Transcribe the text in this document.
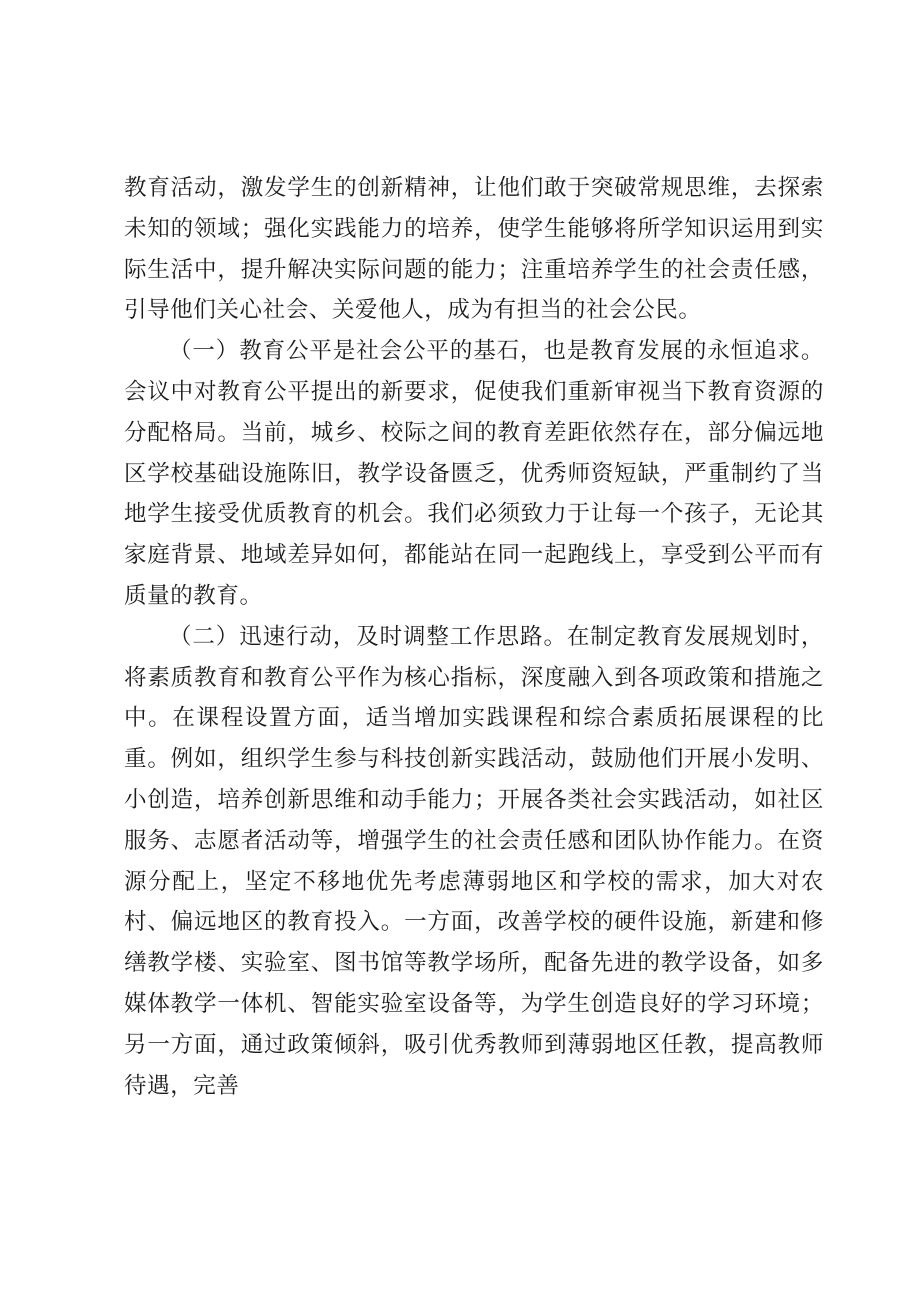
教育活动，激发学生的创新精神，让他们敢于突破常规思维，去探索未知的领域；强化实践能力的培养，使学生能够将所学知识运用到实际生活中，提升解决实际问题的能力；注重培养学生的社会责任感，引导他们关心社会、关爱他人，成为有担当的社会公民。

（一）教育公平是社会公平的基石，也是教育发展的永恒追求。会议中对教育公平提出的新要求，促使我们重新审视当下教育资源的分配格局。当前，城乡、校际之间的教育差距依然存在，部分偏远地区学校基础设施陈旧，教学设备匮乏，优秀师资短缺，严重制约了当地学生接受优质教育的机会。我们必须致力于让每一个孩子，无论其家庭背景、地域差异如何，都能站在同一起跑线上，享受到公平而有质量的教育。

（二）迅速行动，及时调整工作思路。在制定教育发展规划时，将素质教育和教育公平作为核心指标，深度融入到各项政策和措施之中。在课程设置方面，适当增加实践课程和综合素质拓展课程的比重。例如，组织学生参与科技创新实践活动，鼓励他们开展小发明、小创造，培养创新思维和动手能力；开展各类社会实践活动，如社区服务、志愿者活动等，增强学生的社会责任感和团队协作能力。在资源分配上，坚定不移地优先考虑薄弱地区和学校的需求，加大对农村、偏远地区的教育投入。一方面，改善学校的硬件设施，新建和修缮教学楼、实验室、图书馆等教学场所，配备先进的教学设备，如多媒体教学一体机、智能实验室设备等，为学生创造良好的学习环境；另一方面，通过政策倾斜，吸引优秀教师到薄弱地区任教，提高教师待遇，完善
